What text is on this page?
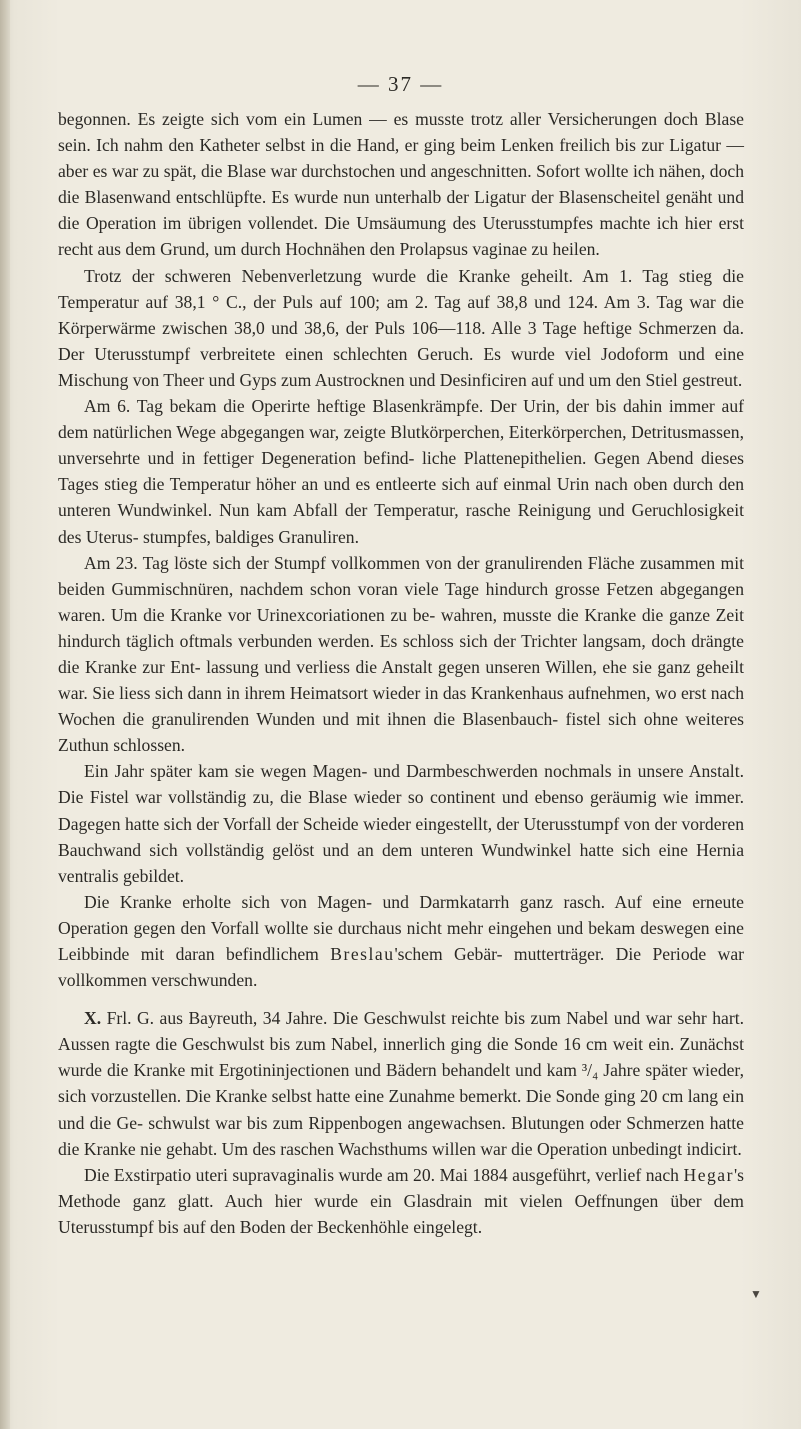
— 37 —

begonnen. Es zeigte sich vom ein Lumen — es musste trotz aller Versicherungen doch Blase sein. Ich nahm den Katheter selbst in die Hand, er ging beim Lenken freilich bis zur Ligatur — aber es war zu spät, die Blase war durchstochen und angeschnitten. Sofort wollte ich nähen, doch die Blasenwand entschlüpfte. Es wurde nun unterhalb der Ligatur der Blasenscheitel genäht und die Operation im übrigen vollendet. Die Umsäumung des Uterusstumpfes machte ich hier erst recht aus dem Grund, um durch Hochnähen den Prolapsus vaginae zu heilen.

Trotz der schweren Nebenverletzung wurde die Kranke geheilt. Am 1. Tag stieg die Temperatur auf 38,1 ° C., der Puls auf 100; am 2. Tag auf 38,8 und 124. Am 3. Tag war die Körperwärme zwischen 38,0 und 38,6, der Puls 106—118. Alle 3 Tage heftige Schmerzen da. Der Uterusstumpf verbreitete einen schlechten Geruch. Es wurde viel Jodoform und eine Mischung von Theer und Gyps zum Austrocknen und Desinficiren auf und um den Stiel gestreut.

Am 6. Tag bekam die Operirte heftige Blasenkrämpfe. Der Urin, der bis dahin immer auf dem natürlichen Wege abgegangen war, zeigte Blutkörperchen, Eiterkörperchen, Detritusmassen, unversehrte und in fettiger Degeneration befind- liche Plattenepithelien. Gegen Abend dieses Tages stieg die Temperatur höher an und es entleerte sich auf einmal Urin nach oben durch den unteren Wundwinkel. Nun kam Abfall der Temperatur, rasche Reinigung und Geruchlosigkeit des Uterus- stumpfes, baldiges Granuliren.

Am 23. Tag löste sich der Stumpf vollkommen von der granulirenden Fläche zusammen mit beiden Gummischnüren, nachdem schon voran viele Tage hindurch grosse Fetzen abgegangen waren. Um die Kranke vor Urinexcoriationen zu be- wahren, musste die Kranke die ganze Zeit hindurch täglich oftmals verbunden werden. Es schloss sich der Trichter langsam, doch drängte die Kranke zur Ent- lassung und verliess die Anstalt gegen unseren Willen, ehe sie ganz geheilt war. Sie liess sich dann in ihrem Heimatsort wieder in das Krankenhaus aufnehmen, wo erst nach Wochen die granulirenden Wunden und mit ihnen die Blasenbauch- fistel sich ohne weiteres Zuthun schlossen.

Ein Jahr später kam sie wegen Magen- und Darmbeschwerden nochmals in unsere Anstalt. Die Fistel war vollständig zu, die Blase wieder so continent und ebenso geräumig wie immer. Dagegen hatte sich der Vorfall der Scheide wieder eingestellt, der Uterusstumpf von der vorderen Bauchwand sich vollständig gelöst und an dem unteren Wundwinkel hatte sich eine Hernia ventralis gebildet.

Die Kranke erholte sich von Magen- und Darmkatarrh ganz rasch. Auf eine erneute Operation gegen den Vorfall wollte sie durchaus nicht mehr eingehen und bekam deswegen eine Leibbinde mit daran befindlichem Breslau'schem Gebär- mutterträger. Die Periode war vollkommen verschwunden.

X. Frl. G. aus Bayreuth, 34 Jahre. Die Geschwulst reichte bis zum Nabel und war sehr hart. Aussen ragte die Geschwulst bis zum Nabel, innerlich ging die Sonde 16 cm weit ein. Zunächst wurde die Kranke mit Ergotininjectionen und Bädern behandelt und kam ³/₄ Jahre später wieder, sich vorzustellen. Die Kranke selbst hatte eine Zunahme bemerkt. Die Sonde ging 20 cm lang ein und die Ge- schwulst war bis zum Rippenbogen angewachsen. Blutungen oder Schmerzen hatte die Kranke nie gehabt. Um des raschen Wachsthums willen war die Operation unbedingt indicirt.

Die Exstirpatio uteri supravaginalis wurde am 20. Mai 1884 ausgeführt, verlief nach Hegar's Methode ganz glatt. Auch hier wurde ein Glasdrain mit vielen Oeffnungen über dem Uterusstumpf bis auf den Boden der Beckenhöhle eingelegt.

▼
